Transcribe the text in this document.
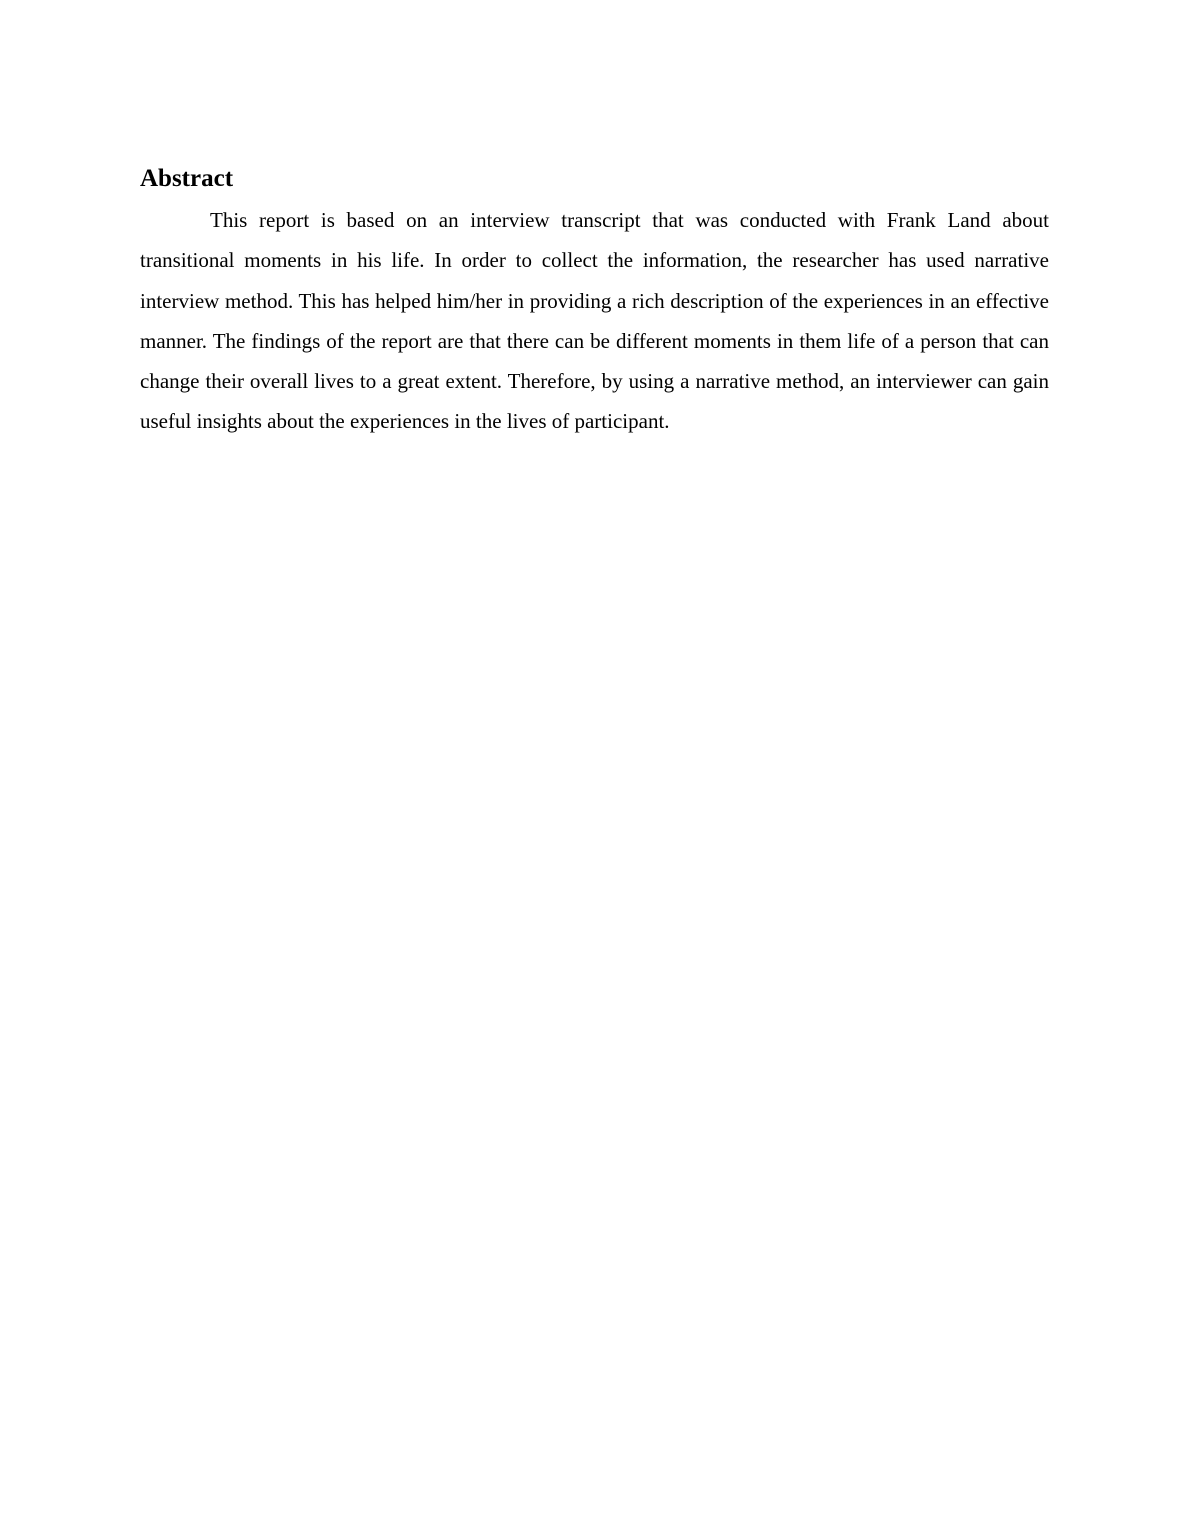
Abstract

This report is based on an interview transcript that was conducted with Frank Land about transitional moments in his life. In order to collect the information, the researcher has used narrative interview method. This has helped him/her in providing a rich description of the experiences in an effective manner. The findings of the report are that there can be different moments in them life of a person that can change their overall lives to a great extent. Therefore, by using a narrative method, an interviewer can gain useful insights about the experiences in the lives of participant.
